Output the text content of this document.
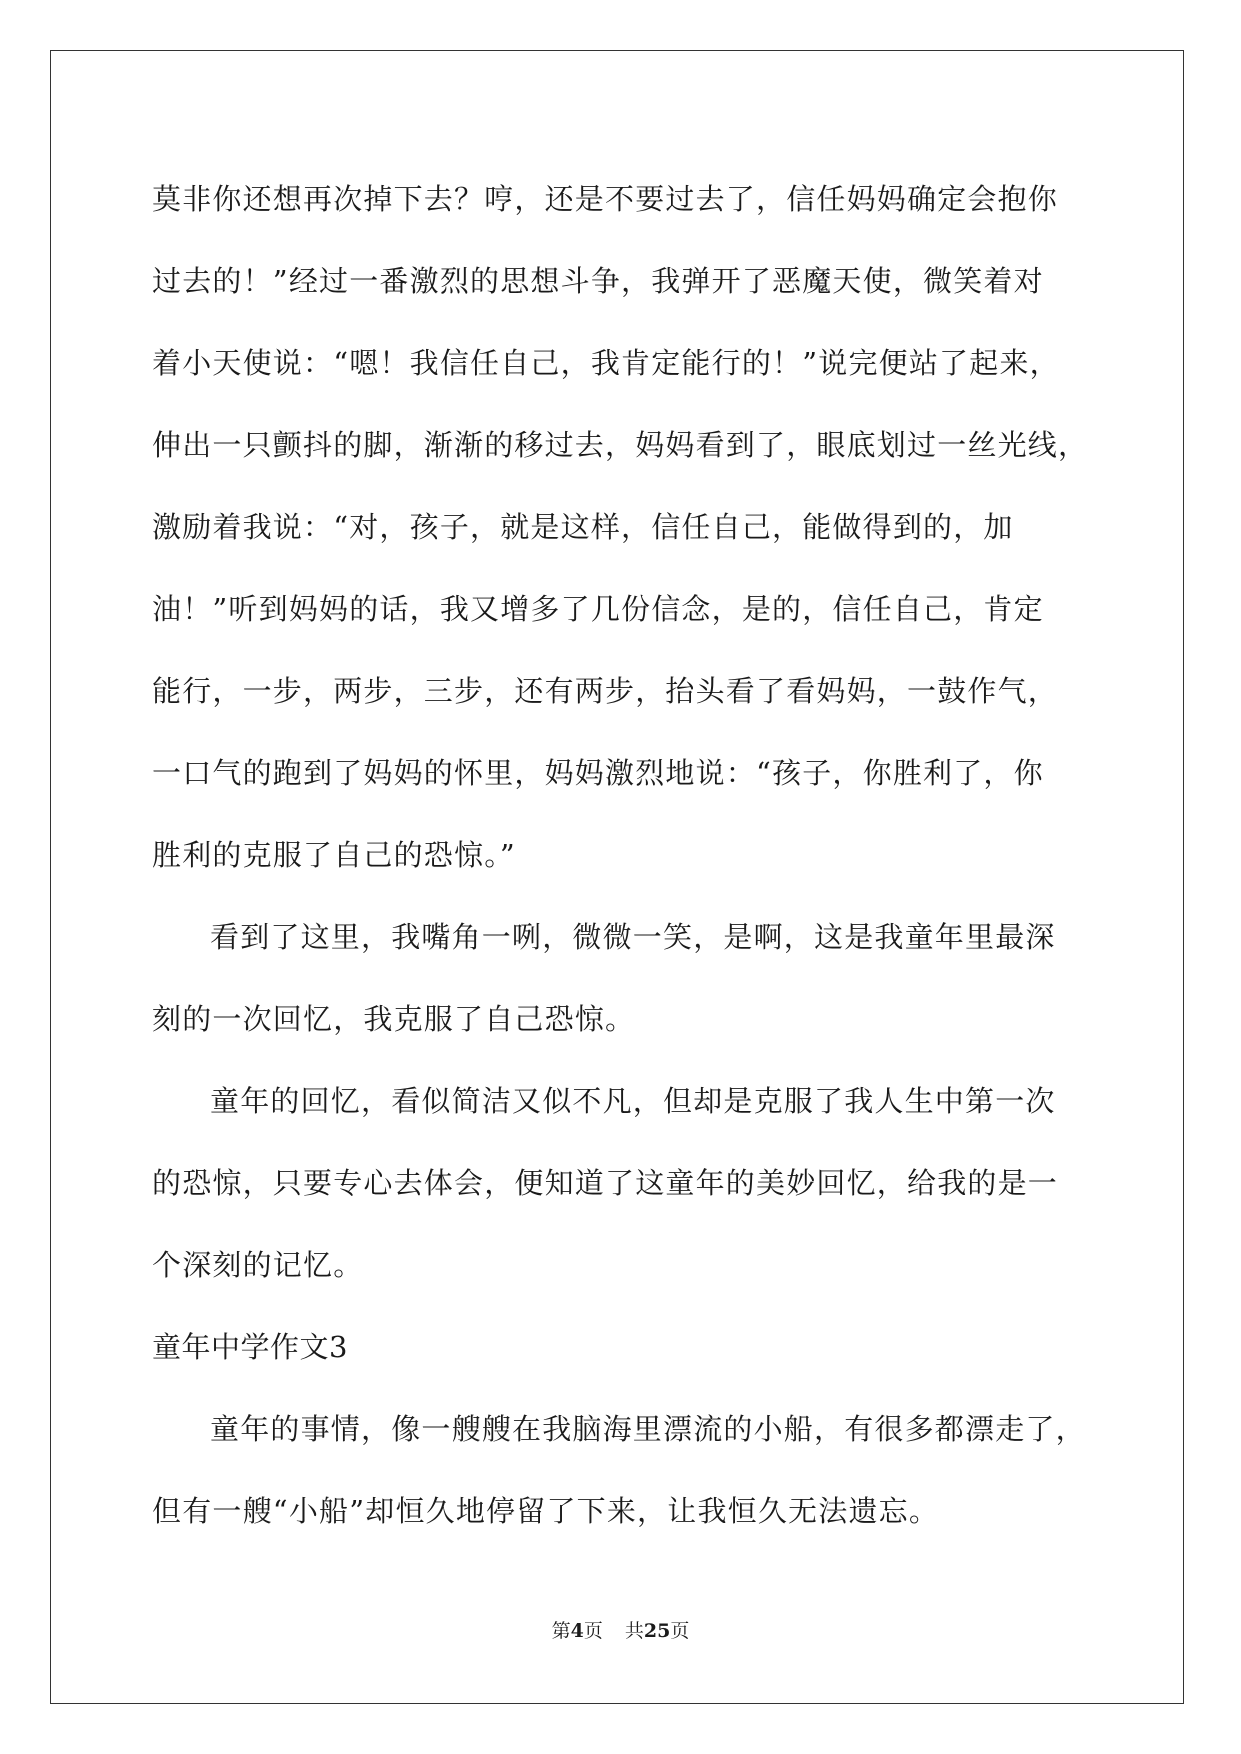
莫非你还想再次掉下去？哼，还是不要过去了，信任妈妈确定会抱你
过去的！”经过一番激烈的思想斗争，我弹开了恶魔天使，微笑着对
着小天使说：“嗯！我信任自己，我肯定能行的！”说完便站了起来，
伸出一只颤抖的脚，渐渐的移过去，妈妈看到了，眼底划过一丝光线，
激励着我说：“对，孩子，就是这样，信任自己，能做得到的，加
油！”听到妈妈的话，我又增多了几份信念，是的，信任自己，肯定
能行，一步，两步，三步，还有两步，抬头看了看妈妈，一鼓作气，
一口气的跑到了妈妈的怀里，妈妈激烈地说：“孩子，你胜利了，你
胜利的克服了自己的恐惊。”
看到了这里，我嘴角一咧，微微一笑，是啊，这是我童年里最深
刻的一次回忆，我克服了自己恐惊。
童年的回忆，看似简洁又似不凡，但却是克服了我人生中第一次
的恐惊，只要专心去体会，便知道了这童年的美妙回忆，给我的是一
个深刻的记忆。
童年中学作文3
童年的事情，像一艘艘在我脑海里漂流的小船，有很多都漂走了，
但有一艘“小船”却恒久地停留了下来，让我恒久无法遗忘。
第4页 共25页
